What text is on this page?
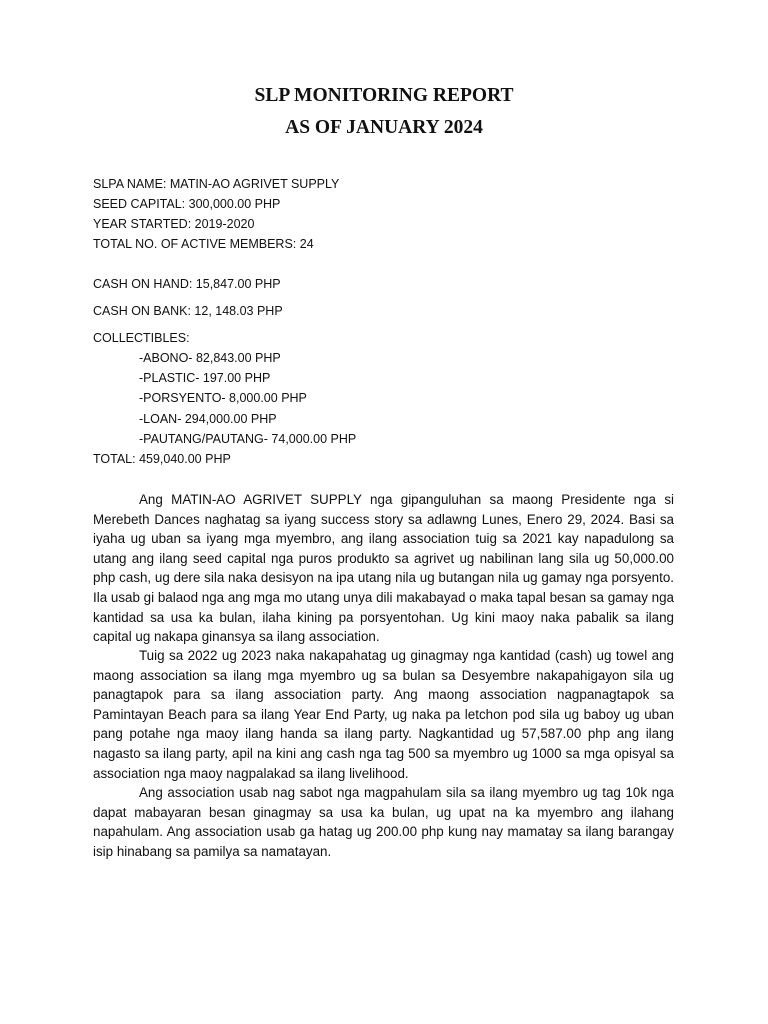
SLP MONITORING REPORT
AS OF JANUARY 2024
SLPA NAME: MATIN-AO AGRIVET SUPPLY
SEED CAPITAL: 300,000.00 PHP
YEAR STARTED: 2019-2020
TOTAL NO. OF ACTIVE MEMBERS: 24
CASH ON HAND: 15,847.00 PHP
CASH ON BANK: 12, 148.03 PHP
COLLECTIBLES:
-ABONO- 82,843.00 PHP
-PLASTIC- 197.00 PHP
-PORSYENTO- 8,000.00 PHP
-LOAN- 294,000.00 PHP
-PAUTANG/PAUTANG- 74,000.00 PHP
TOTAL: 459,040.00 PHP

Ang MATIN-AO AGRIVET SUPPLY nga gipanguluhan sa maong Presidente nga si Merebeth Dances naghatag sa iyang success story sa adlawng Lunes, Enero 29, 2024. Basi sa iyaha ug uban sa iyang mga myembro, ang ilang association tuig sa 2021 kay napadulong sa utang ang ilang seed capital nga puros produkto sa agrivet ug nabilinan lang sila ug 50,000.00 php cash, ug dere sila naka desisyon na ipa utang nila ug butangan nila ug gamay nga porsyento. Ila usab gi balaod nga ang mga mo utang unya dili makabayad o maka tapal besan sa gamay nga kantidad sa usa ka bulan, ilaha kining pa porsyentohan. Ug kini maoy naka pabalik sa ilang capital ug nakapa ginansya sa ilang association.

Tuig sa 2022 ug 2023 naka nakapahatag ug ginagmay nga kantidad (cash) ug towel ang maong association sa ilang mga myembro ug sa bulan sa Desyembre nakapahigayon sila ug panagtapok para sa ilang association party. Ang maong association nagpanagtapok sa Pamintayan Beach para sa ilang Year End Party, ug naka pa letchon pod sila ug baboy ug uban pang potahe nga maoy ilang handa sa ilang party. Nagkantidad ug 57,587.00 php ang ilang nagasto sa ilang party, apil na kini ang cash nga tag 500 sa myembro ug 1000 sa mga opisyal sa association nga maoy nagpalakad sa ilang livelihood.

Ang association usab nag sabot nga magpahulam sila sa ilang myembro ug tag 10k nga dapat mabayaran besan ginagmay sa usa ka bulan, ug upat na ka myembro ang ilahang napahulam. Ang association usab ga hatag ug 200.00 php kung nay mamatay sa ilang barangay isip hinabang sa pamilya sa namatayan.
